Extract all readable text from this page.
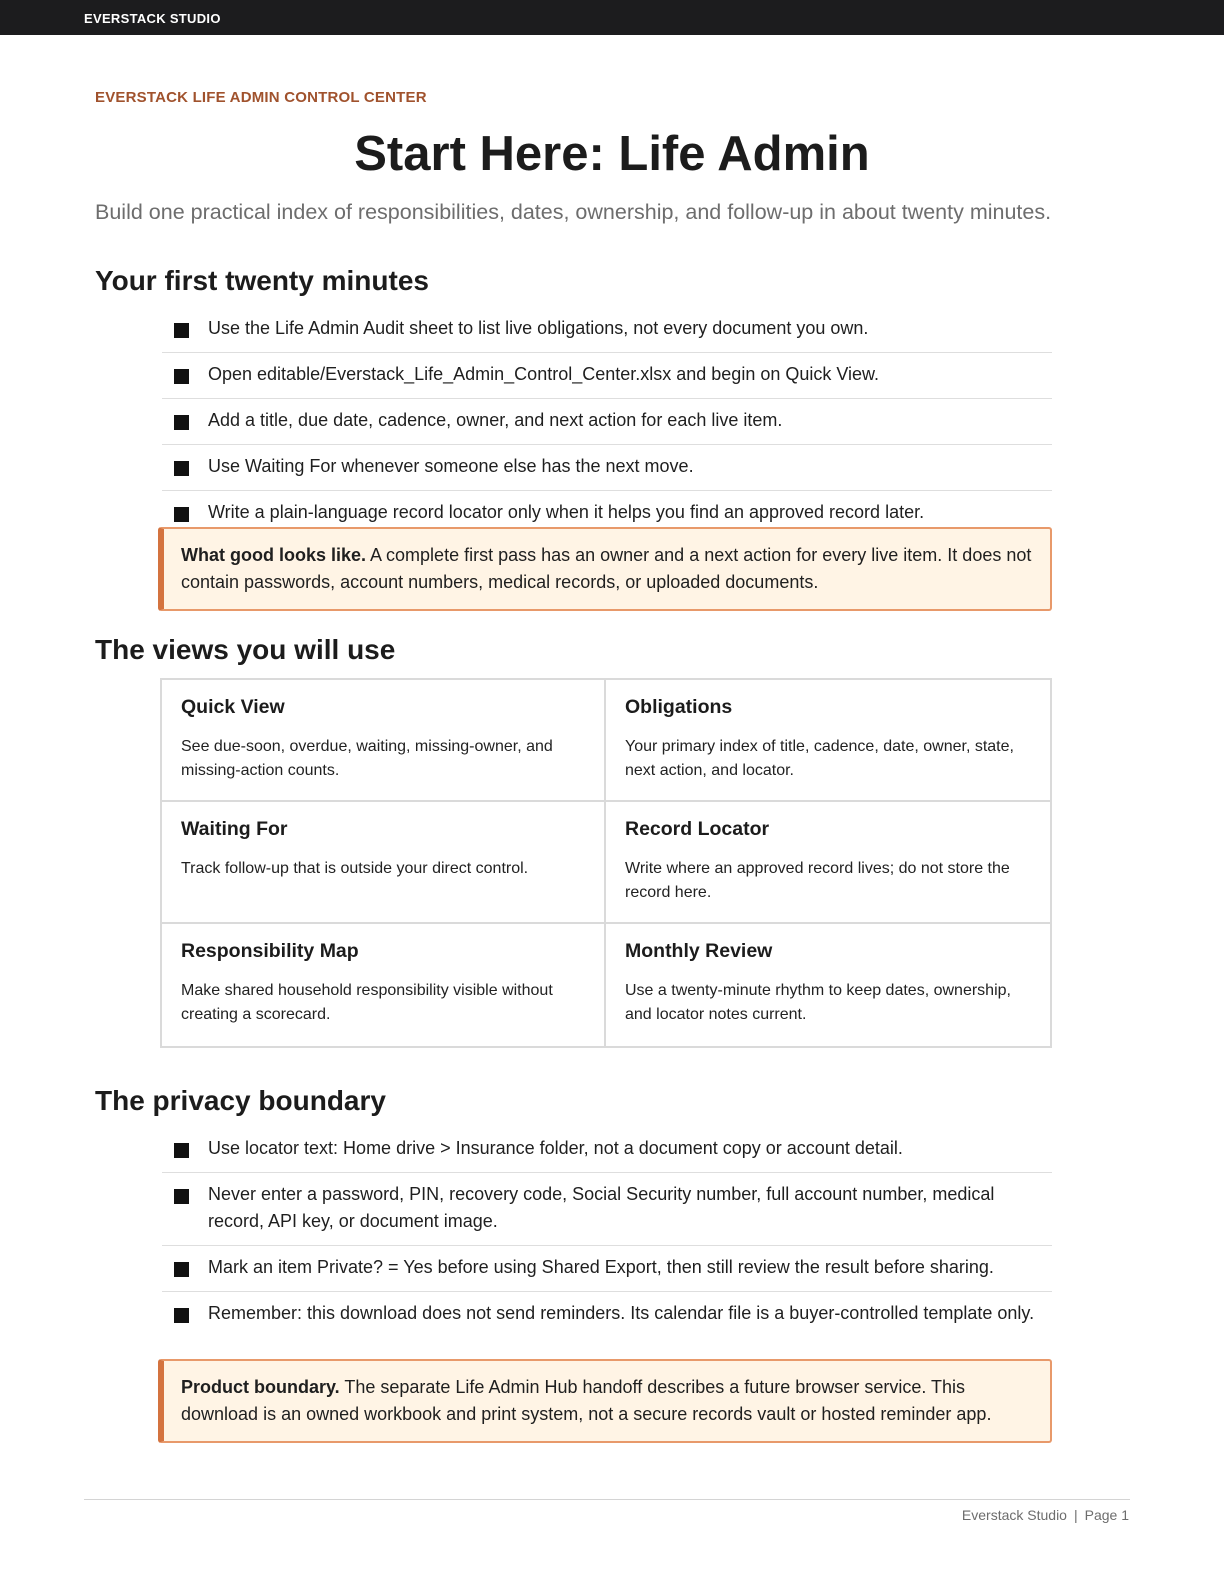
EVERSTACK STUDIO
EVERSTACK LIFE ADMIN CONTROL CENTER
Start Here: Life Admin

Build one practical index of responsibilities, dates, ownership, and follow-up in about twenty minutes.

Your first twenty minutes
Use the Life Admin Audit sheet to list live obligations, not every document you own.
Open editable/Everstack_Life_Admin_Control_Center.xlsx and begin on Quick View.
Add a title, due date, cadence, owner, and next action for each live item.
Use Waiting For whenever someone else has the next move.
Write a plain-language record locator only when it helps you find an approved record later.
What good looks like. A complete first pass has an owner and a next action for every live item. It does not contain passwords, account numbers, medical records, or uploaded documents.
The views you will use
Quick View
See due-soon, overdue, waiting, missing-owner, and missing-action counts.
Obligations
Your primary index of title, cadence, date, owner, state, next action, and locator.
Waiting For
Track follow-up that is outside your direct control.
Record Locator
Write where an approved record lives; do not store the record here.
Responsibility Map
Make shared household responsibility visible without creating a scorecard.
Monthly Review
Use a twenty-minute rhythm to keep dates, ownership, and locator notes current.
The privacy boundary
Use locator text: Home drive > Insurance folder, not a document copy or account detail.
Never enter a password, PIN, recovery code, Social Security number, full account number, medical record, API key, or document image.
Mark an item Private? = Yes before using Shared Export, then still review the result before sharing.
Remember: this download does not send reminders. Its calendar file is a buyer-controlled template only.
Product boundary. The separate Life Admin Hub handoff describes a future browser service. This download is an owned workbook and print system, not a secure records vault or hosted reminder app.
Everstack Studio | Page 1
